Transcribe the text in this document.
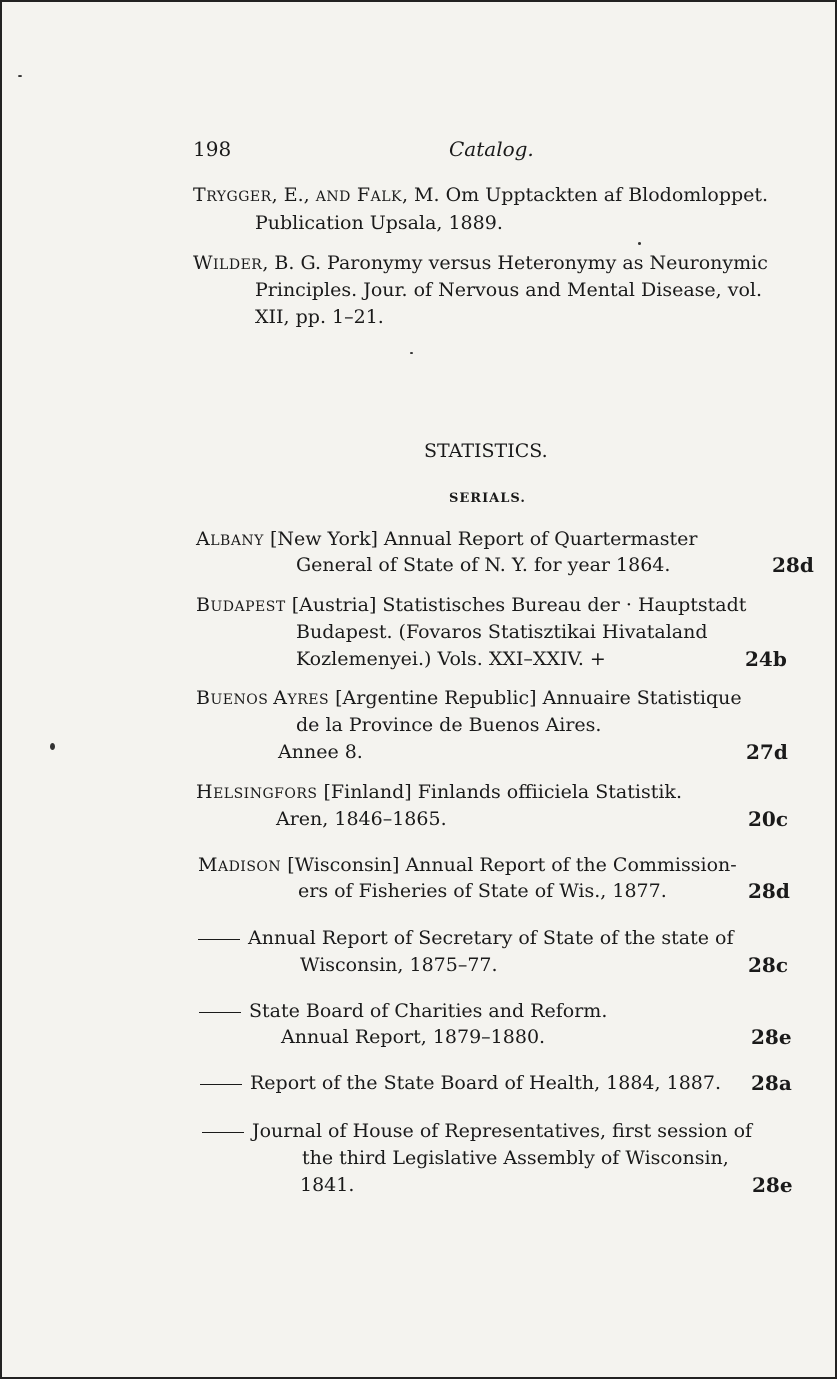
198	Catalog.
TRYGGER, E., AND FALK, M. Om Upptackten af Blodomloppet.
Publication Upsala, 1889.
WILDER, B. G. Paronymy versus Heteronymy as Neuronymic
Principles. Jour. of Nervous and Mental Disease, vol.
XII, pp. 1–21.
STATISTICS.
SERIALS.
ALBANY [New York] Annual Report of Quartermaster
General of State of N. Y. for year 1864.	28d
BUDAPEST [Austria] Statistisches Bureau der · Hauptstadt
Budapest. (Fovaros Statisztikai Hivataland
Kozlemenyei.) Vols. XXI–XXIV. +	24b
BUENOS AYRES [Argentine Republic] Annuaire Statistique
de la Province de Buenos Aires.
Annee 8.	27d
HELSINGFORS [Finland] Finlands offiiciela Statistik.
Aren, 1846–1865.	20c
MADISON [Wisconsin] Annual Report of the Commission-
ers of Fisheries of State of Wis., 1877.	28d
Annual Report of Secretary of State of the state of
Wisconsin, 1875–77.	28c
State Board of Charities and Reform.
Annual Report, 1879–1880.	28e
Report of the State Board of Health, 1884, 1887. 28a
Journal of House of Representatives, first session of
the third Legislative Assembly of Wisconsin,
1841.	28e
